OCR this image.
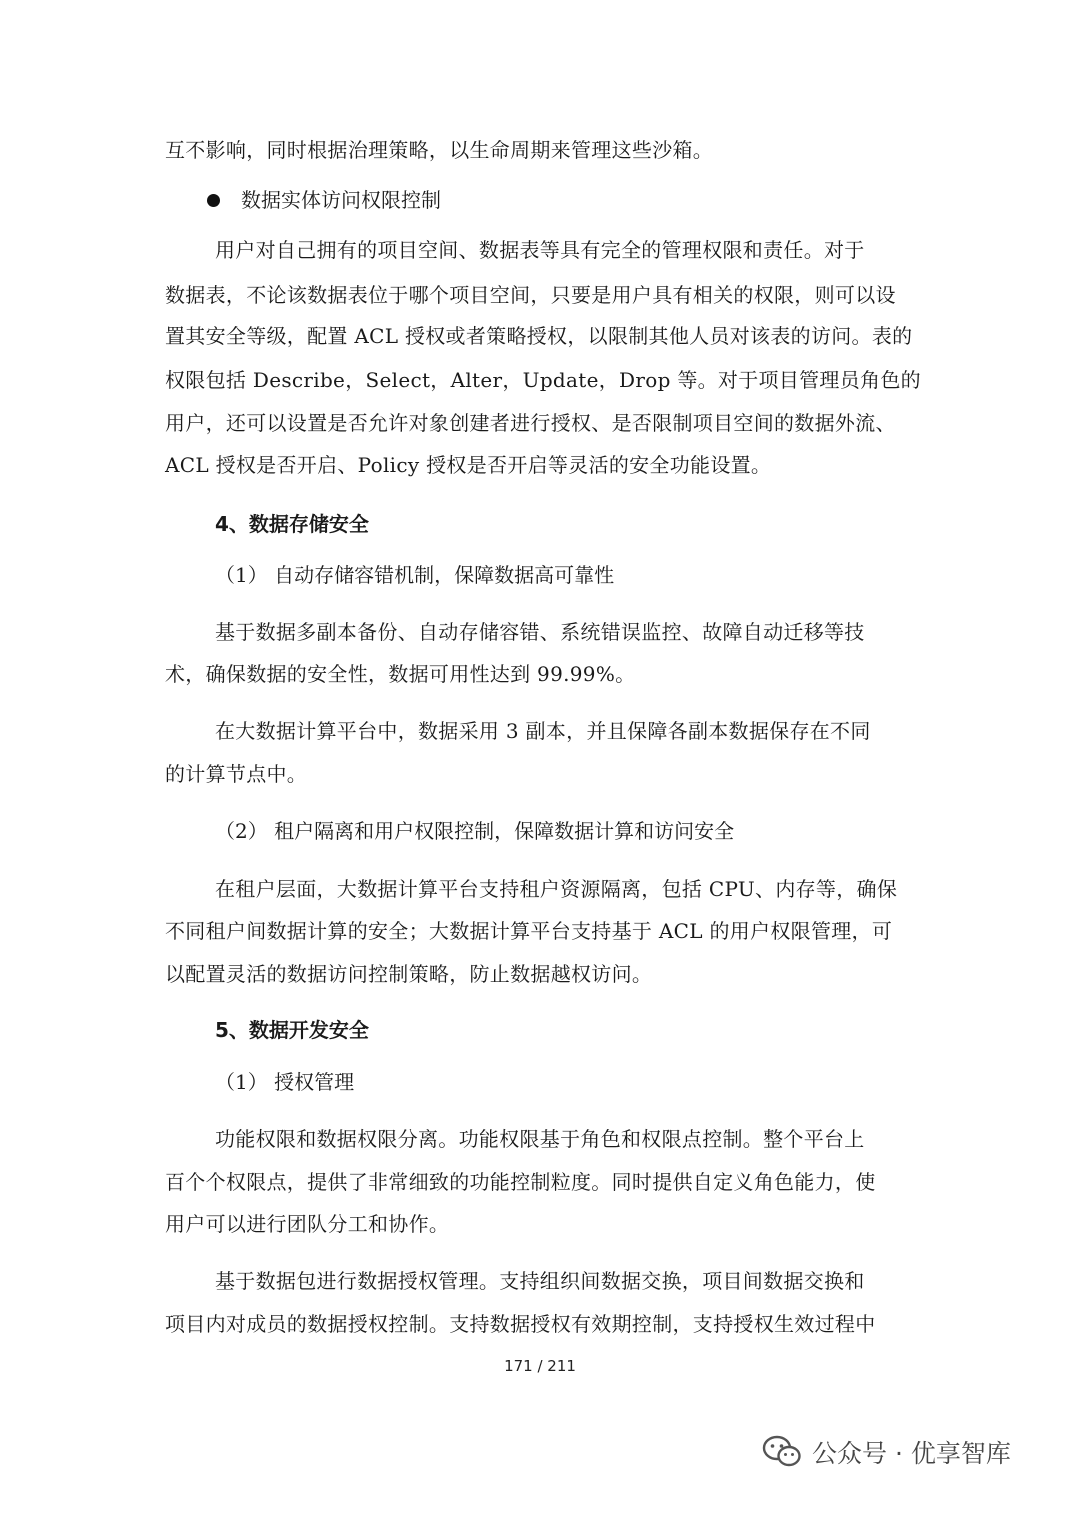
互不影响，同时根据治理策略，以生命周期来管理这些沙箱。
数据实体访问权限控制
用户对自己拥有的项目空间、数据表等具有完全的管理权限和责任。对于
数据表，不论该数据表位于哪个项目空间，只要是用户具有相关的权限，则可以设
置其安全等级，配置 ACL 授权或者策略授权，以限制其他人员对该表的访问。表的
权限包括 Describe，Select，Alter，Update，Drop 等。对于项目管理员角色的
用户，还可以设置是否允许对象创建者进行授权、是否限制项目空间的数据外流、
ACL 授权是否开启、Policy 授权是否开启等灵活的安全功能设置。
4、数据存储安全
（1） 自动存储容错机制，保障数据高可靠性
基于数据多副本备份、自动存储容错、系统错误监控、故障自动迁移等技
术，确保数据的安全性，数据可用性达到 99.99%。
在大数据计算平台中，数据采用 3 副本，并且保障各副本数据保存在不同
的计算节点中。
（2） 租户隔离和用户权限控制，保障数据计算和访问安全
在租户层面，大数据计算平台支持租户资源隔离，包括 CPU、内存等，确保
不同租户间数据计算的安全；大数据计算平台支持基于 ACL 的用户权限管理，可
以配置灵活的数据访问控制策略，防止数据越权访问。
5、数据开发安全
（1） 授权管理
功能权限和数据权限分离。功能权限基于角色和权限点控制。整个平台上
百个个权限点，提供了非常细致的功能控制粒度。同时提供自定义角色能力，使
用户可以进行团队分工和协作。
基于数据包进行数据授权管理。支持组织间数据交换，项目间数据交换和
项目内对成员的数据授权控制。支持数据授权有效期控制，支持授权生效过程中
171 / 211
公众号 · 优享智库
